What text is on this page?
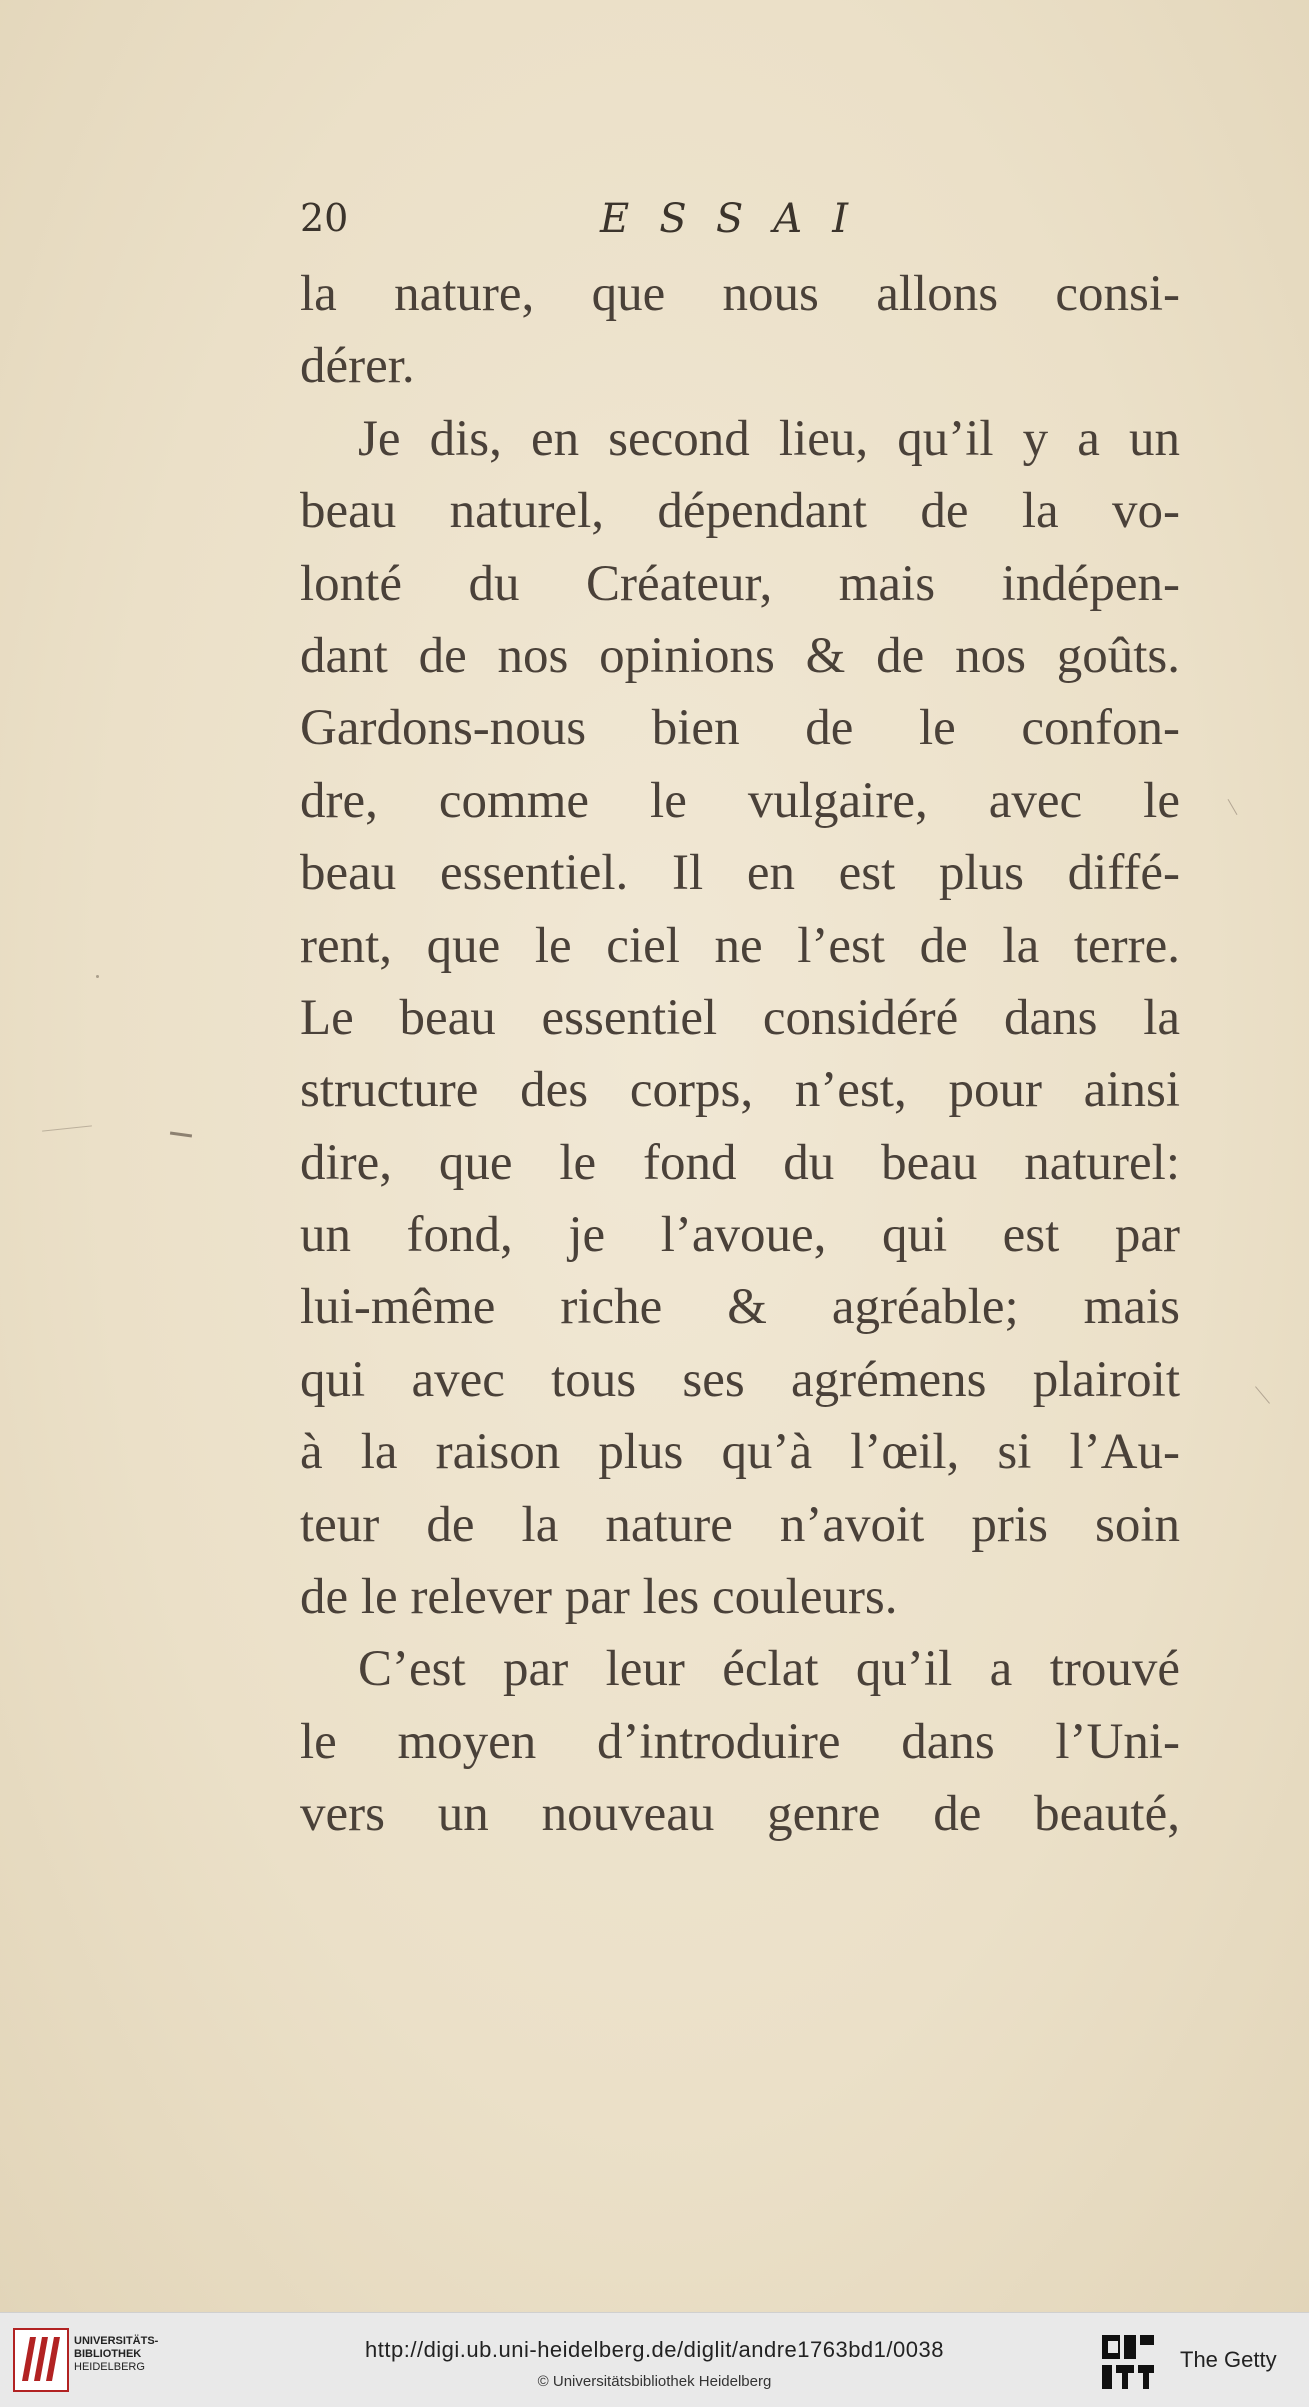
20	ESSAI
la nature, que nous allons consi-
dérer.
Je dis, en second lieu, qu’il y a un
beau naturel, dépendant de la vo-
lonté du Créateur, mais indépen-
dant de nos opinions & de nos goûts.
Gardons-nous bien de le confon-
dre, comme le vulgaire, avec le
beau essentiel. Il en est plus diffé-
rent, que le ciel ne l’est de la terre.
Le beau essentiel considéré dans la
structure des corps, n’est, pour ainsi
dire, que le fond du beau naturel:
un fond, je l’avoue, qui est par
lui-même riche & agréable; mais
qui avec tous ses agrémens plairoit
à la raison plus qu’à l’œil, si l’Au-
teur de la nature n’avoit pris soin
de le relever par les couleurs.
C’est par leur éclat qu’il a trouvé
le moyen d’introduire dans l’Uni-
vers un nouveau genre de beauté,
UNIVERSITÄTS-
BIBLIOTHEK
HEIDELBERG
http://digi.ub.uni-heidelberg.de/diglit/andre1763bd1/0038
© Universitätsbibliothek Heidelberg
The Getty
